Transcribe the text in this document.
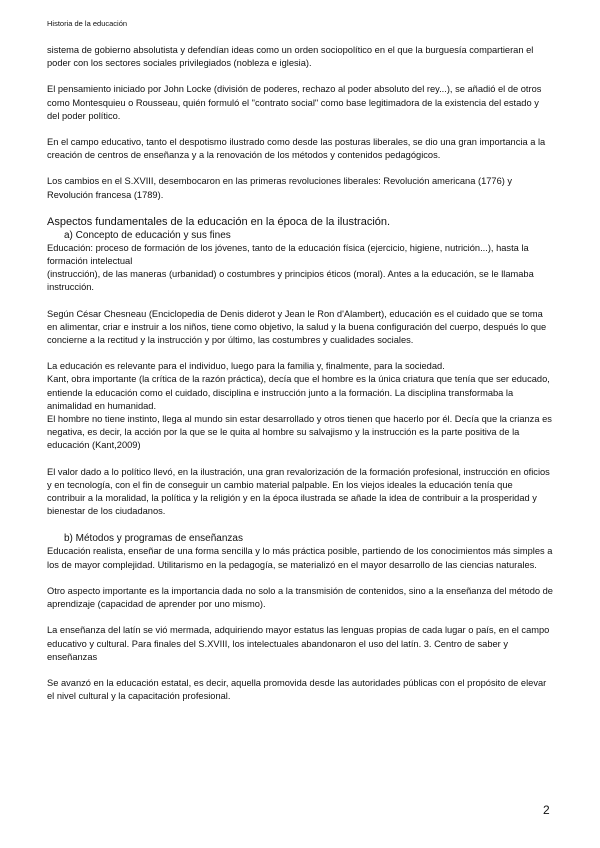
Historia de la educación

sistema de gobierno absolutista y defendían ideas como un orden sociopolítico en el que la burguesía compartieran el poder con los sectores sociales privilegiados (nobleza e iglesia).

El pensamiento iniciado por John Locke (división de poderes, rechazo al poder absoluto del rey...), se añadió el de otros como Montesquieu o Rousseau, quién formuló el "contrato social" como base legitimadora de la existencia del estado y del poder político.

En el campo educativo, tanto el despotismo ilustrado como desde las posturas liberales, se dio una gran importancia a la creación de centros de enseñanza y a la renovación de los métodos y contenidos pedagógicos.

Los cambios en el S.XVIII, desembocaron en las primeras revoluciones liberales: Revolución americana (1776) y Revolución francesa (1789).

Aspectos fundamentales de la educación en la época de la ilustración.

a) Concepto de educación y sus fines

Educación: proceso de formación de los jóvenes, tanto de la educación física (ejercicio, higiene, nutrición...), hasta la formación intelectual

(instrucción), de las maneras (urbanidad) o costumbres y principios éticos (moral). Antes a la educación, se le llamaba instrucción.

Según César Chesneau (Enciclopedia de Denis diderot y Jean le Ron d'Alambert), educación es el cuidado que se toma en alimentar, criar e instruir a los niños, tiene como objetivo, la salud y la buena configuración del cuerpo, después lo que concierne a la rectitud y la instrucción y por último, las costumbres y cualidades sociales.

La educación es relevante para el individuo, luego para la familia y, finalmente, para la sociedad.

Kant, obra importante (la crítica de la razón práctica), decía que el hombre es la única criatura que tenía que ser educado, entiende la educación como el cuidado, disciplina e instrucción junto a la formación. La disciplina transformaba la animalidad en humanidad.

El hombre no tiene instinto, llega al mundo sin estar desarrollado y otros tienen que hacerlo por él. Decía que la crianza es negativa, es decir, la acción por la que se le quita al hombre su salvajismo y la instrucción es la parte positiva de la educación (Kant,2009)

El valor dado a lo político llevó, en la ilustración, una gran revalorización de la formación profesional, instrucción en oficios y en tecnología, con el fin de conseguir un cambio material palpable. En los viejos ideales la educación tenía que contribuir a la moralidad, la política y la religión y en la época ilustrada se añade la idea de contribuir a la prosperidad y bienestar de los ciudadanos.

b) Métodos y programas de enseñanzas

Educación realista, enseñar de una forma sencilla y lo más práctica posible, partiendo de los conocimientos más simples a los de mayor complejidad. Utilitarismo en la pedagogía, se materializó en el mayor desarrollo de las ciencias naturales.

Otro aspecto importante es la importancia dada no solo a la transmisión de contenidos, sino a la enseñanza del método de aprendizaje (capacidad de aprender por uno mismo).

La enseñanza del latín se vió mermada, adquiriendo mayor estatus las lenguas propias de cada lugar o país, en el campo educativo y cultural. Para finales del S.XVIII, los intelectuales abandonaron el uso del latín. 3. Centro de saber y enseñanzas

Se avanzó en la educación estatal, es decir, aquella promovida desde las autoridades públicas con el propósito de elevar el nivel cultural y la capacitación profesional.

2
